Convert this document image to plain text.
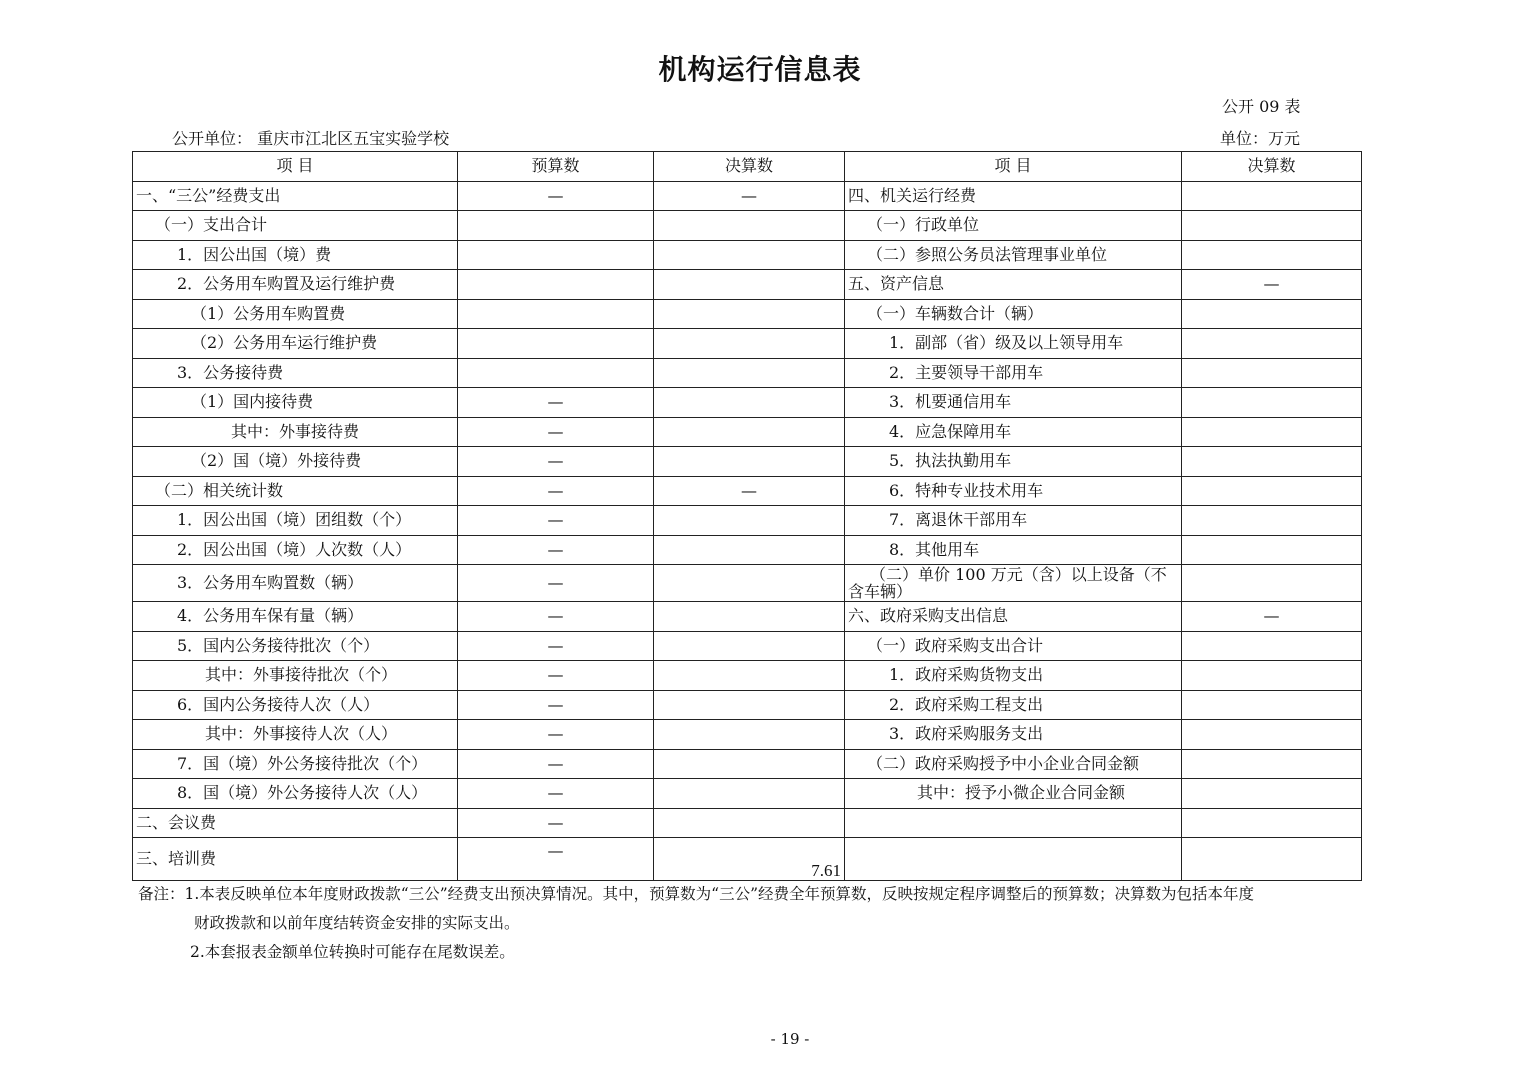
机构运行信息表
公开 09 表
公开单位： 重庆市江北区五宝实验学校	单位：万元
项 目	预算数	决算数	项 目	决算数
一、“三公”经费支出	—	—	四、机关运行经费	
（一）支出合计			（一）行政单位	
1．因公出国（境）费			（二）参照公务员法管理事业单位	
2．公务用车购置及运行维护费			五、资产信息	—
（1）公务用车购置费			（一）车辆数合计（辆）	
（2）公务用车运行维护费			1．副部（省）级及以上领导用车	
3．公务接待费			2．主要领导干部用车	
（1）国内接待费	—		3．机要通信用车	
其中：外事接待费	—		4．应急保障用车	
（2）国（境）外接待费	—		5．执法执勤用车	
（二）相关统计数	—	—	6．特种专业技术用车	
1．因公出国（境）团组数（个）	—		7．离退休干部用车	
2．因公出国（境）人次数（人）	—		8．其他用车	
3．公务用车购置数（辆）	—		（二）单价 100 万元（含）以上设备（不含车辆）	
4．公务用车保有量（辆）	—		六、政府采购支出信息	—
5．国内公务接待批次（个）	—		（一）政府采购支出合计	
其中：外事接待批次（个）	—		1．政府采购货物支出	
6．国内公务接待人次（人）	—		2．政府采购工程支出	
其中：外事接待人次（人）	—		3．政府采购服务支出	
7．国（境）外公务接待批次（个）	—		（二）政府采购授予中小企业合同金额	
8．国（境）外公务接待人次（人）	—		其中：授予小微企业合同金额	
二、会议费	—			
三、培训费	—	7.61		
备注：1.本表反映单位本年度财政拨款“三公”经费支出预决算情况。其中，预算数为“三公”经费全年预算数，反映按规定程序调整后的预算数；决算数为包括本年度
财政拨款和以前年度结转资金安排的实际支出。
2.本套报表金额单位转换时可能存在尾数误差。
- 19 -
